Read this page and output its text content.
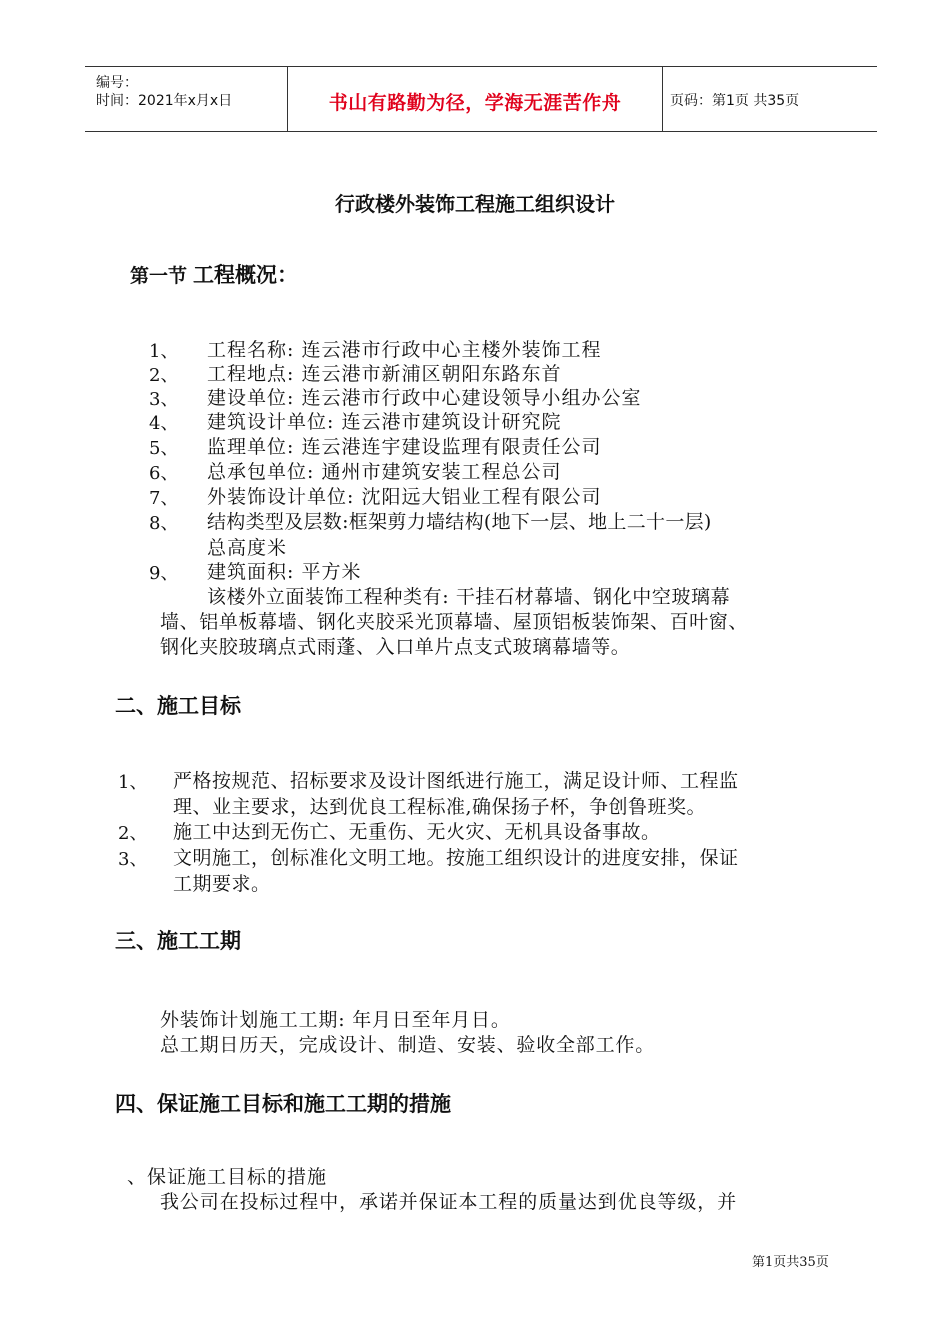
编号：
时间：2021年x月x日	书山有路勤为径，学海无涯苦作舟	页码：第1页 共35页
行政楼外装饰工程施工组织设计
第一节 工程概况：
1、 工程名称: 连云港市行政中心主楼外装饰工程
2、 工程地点: 连云港市新浦区朝阳东路东首
3、 建设单位: 连云港市行政中心建设领导小组办公室
4、 建筑设计单位: 连云港市建筑设计研究院
5、 监理单位: 连云港连宇建设监理有限责任公司
6、 总承包单位: 通州市建筑安装工程总公司
7、 外装饰设计单位: 沈阳远大铝业工程有限公司
8、 结构类型及层数:框架剪力墙结构(地下一层、地上二十一层)
总高度米
9、 建筑面积: 平方米
该楼外立面装饰工程种类有: 干挂石材幕墙、钢化中空玻璃幕
墙、铝单板幕墙、钢化夹胶采光顶幕墙、屋顶铝板装饰架、百叶窗、
钢化夹胶玻璃点式雨蓬、入口单片点支式玻璃幕墙等。
二、施工目标
1、 严格按规范、招标要求及设计图纸进行施工，满足设计师、工程监
理、业主要求，达到优良工程标准,确保扬子杯，争创鲁班奖。
2、 施工中达到无伤亡、无重伤、无火灾、无机具设备事故。
3、 文明施工，创标准化文明工地。按施工组织设计的进度安排，保证
工期要求。
三、施工工期
外装饰计划施工工期: 年月日至年月日。
总工期日历天，完成设计、制造、安装、验收全部工作。
四、保证施工目标和施工工期的措施
、保证施工目标的措施
我公司在投标过程中，承诺并保证本工程的质量达到优良等级，并
第1页共35页
